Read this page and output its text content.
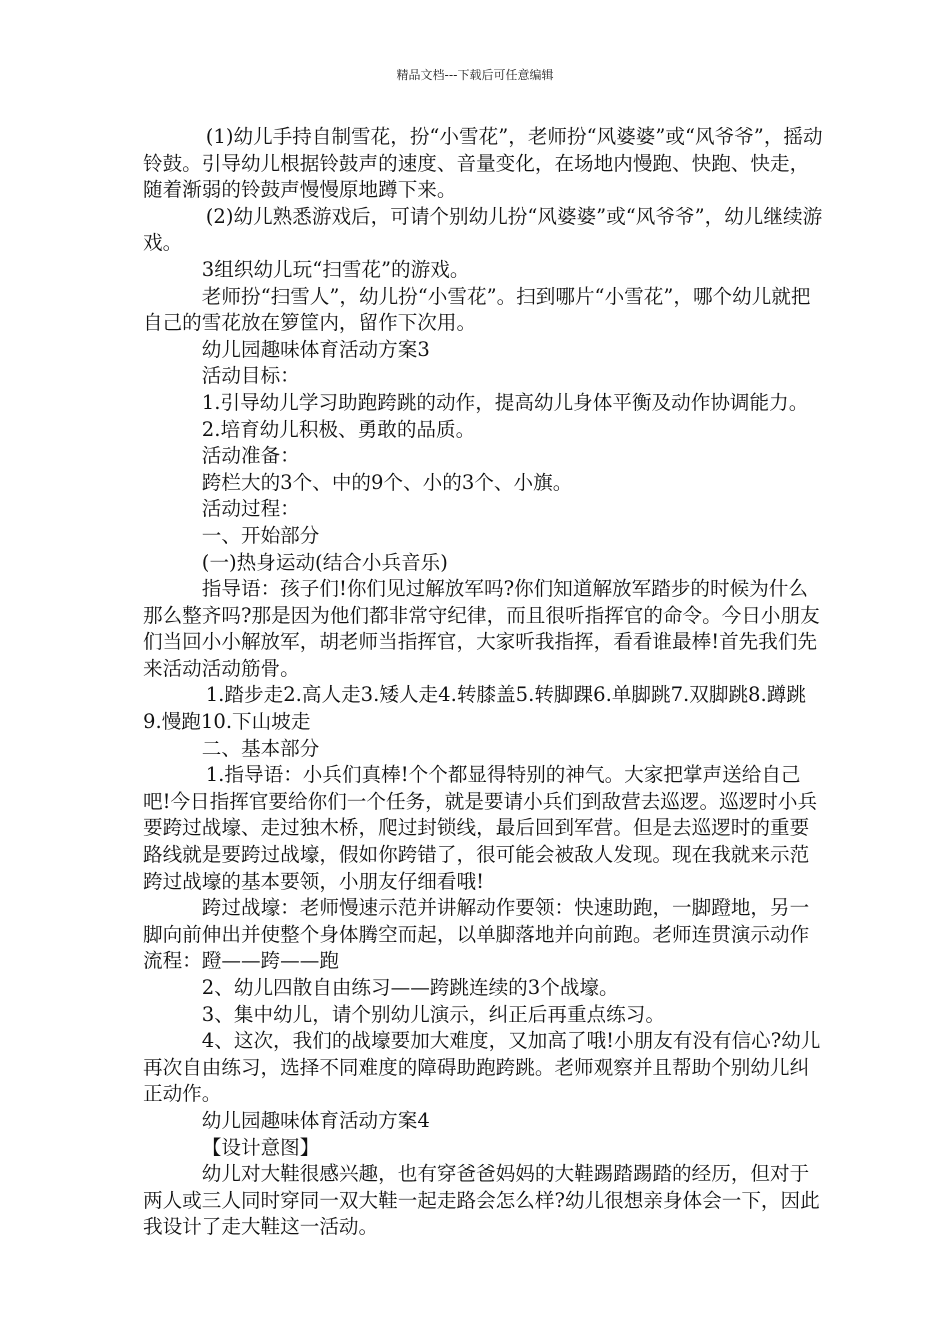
精品文档---下载后可任意编辑

(1)幼儿手持自制雪花，扮“小雪花”，老师扮“风婆婆”或“风爷爷”，摇动铃鼓。引导幼儿根据铃鼓声的速度、音量变化，在场地内慢跑、快跑、快走，随着渐弱的铃鼓声慢慢原地蹲下来。

(2)幼儿熟悉游戏后，可请个别幼儿扮“风婆婆”或“风爷爷”，幼儿继续游戏。

3组织幼儿玩“扫雪花”的游戏。

老师扮“扫雪人”，幼儿扮“小雪花”。扫到哪片“小雪花”，哪个幼儿就把自己的雪花放在箩筐内，留作下次用。

幼儿园趣味体育活动方案3

活动目标：

1.引导幼儿学习助跑跨跳的动作，提高幼儿身体平衡及动作协调能力。

2.培育幼儿积极、勇敢的品质。

活动准备：

跨栏大的3个、中的9个、小的3个、小旗。

活动过程：

一、开始部分

(一)热身运动(结合小兵音乐)

指导语：孩子们!你们见过解放军吗?你们知道解放军踏步的时候为什么那么整齐吗?那是因为他们都非常守纪律，而且很听指挥官的命令。今日小朋友们当回小小解放军，胡老师当指挥官，大家听我指挥，看看谁最棒!首先我们先来活动活动筋骨。

1.踏步走2.高人走3.矮人走4.转膝盖5.转脚踝6.单脚跳7.双脚跳8.蹲跳9.慢跑10.下山坡走

二、基本部分

1.指导语：小兵们真棒!个个都显得特别的神气。大家把掌声送给自己吧!今日指挥官要给你们一个任务，就是要请小兵们到敌营去巡逻。巡逻时小兵要跨过战壕、走过独木桥，爬过封锁线，最后回到军营。但是去巡逻时的重要路线就是要跨过战壕，假如你跨错了，很可能会被敌人发现。现在我就来示范跨过战壕的基本要领，小朋友仔细看哦!

跨过战壕：老师慢速示范并讲解动作要领：快速助跑，一脚蹬地，另一脚向前伸出并使整个身体腾空而起，以单脚落地并向前跑。老师连贯演示动作流程：蹬——跨——跑

2、幼儿四散自由练习——跨跳连续的3个战壕。

3、集中幼儿，请个别幼儿演示，纠正后再重点练习。

4、这次，我们的战壕要加大难度，又加高了哦!小朋友有没有信心?幼儿再次自由练习，选择不同难度的障碍助跑跨跳。老师观察并且帮助个别幼儿纠正动作。

幼儿园趣味体育活动方案4

【设计意图】

幼儿对大鞋很感兴趣，也有穿爸爸妈妈的大鞋踢踏踢踏的经历，但对于两人或三人同时穿同一双大鞋一起走路会怎么样?幼儿很想亲身体会一下，因此我设计了走大鞋这一活动。
